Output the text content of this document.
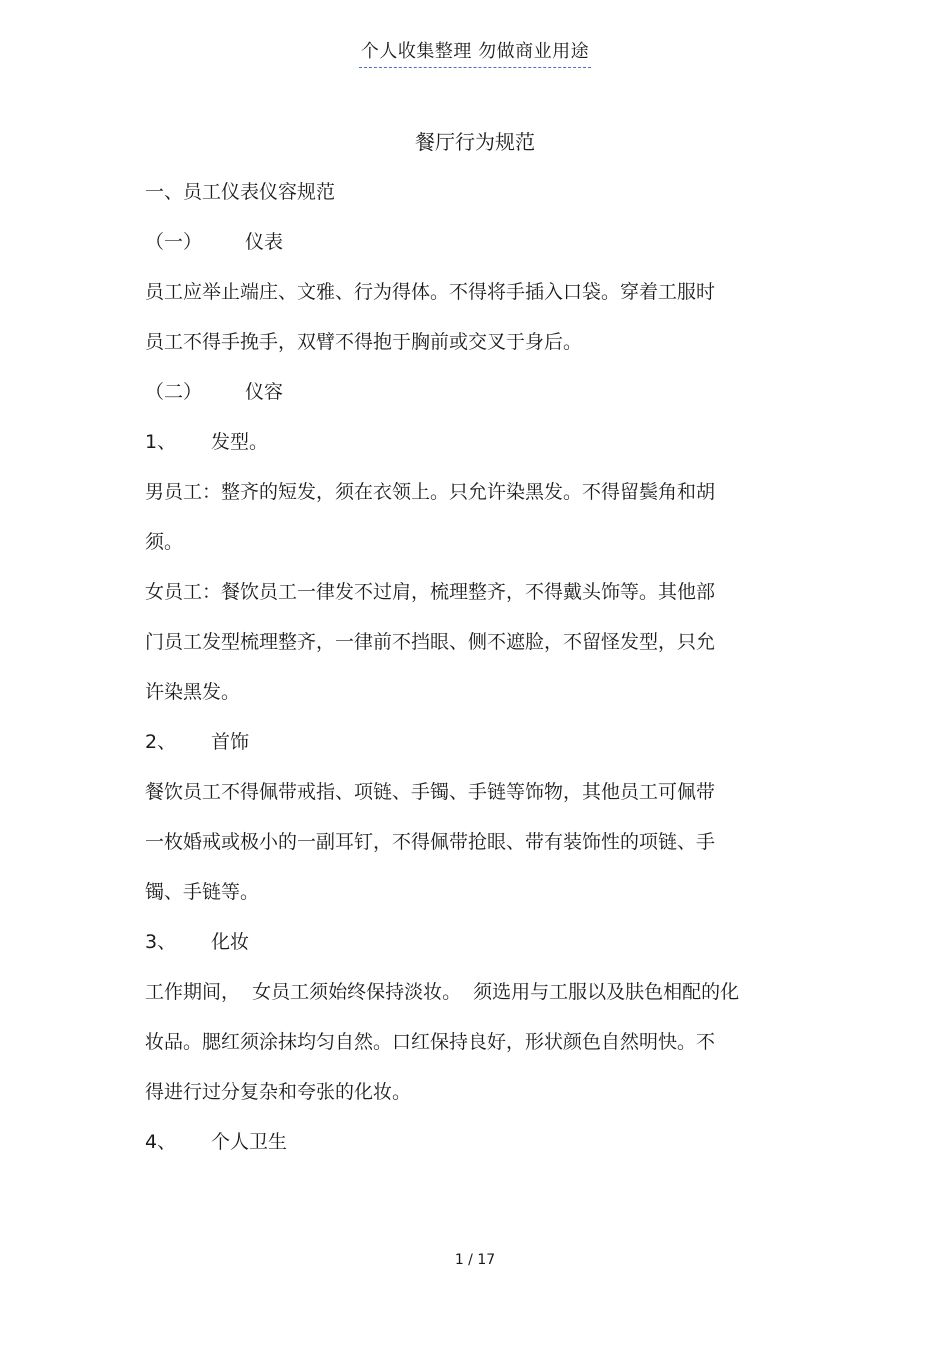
个人收集整理 勿做商业用途
餐厅行为规范
一、员工仪表仪容规范
（一） 仪表
员工应举止端庄、文雅、行为得体。不得将手插入口袋。穿着工服时
员工不得手挽手，双臂不得抱于胸前或交叉于身后。
（二） 仪容
1、 发型。
男员工：整齐的短发，须在衣领上。只允许染黑发。不得留鬓角和胡
须。
女员工：餐饮员工一律发不过肩，梳理整齐，不得戴头饰等。其他部
门员工发型梳理整齐，一律前不挡眼、侧不遮脸，不留怪发型，只允
许染黑发。
2、 首饰
餐饮员工不得佩带戒指、项链、手镯、手链等饰物，其他员工可佩带
一枚婚戒或极小的一副耳钉，不得佩带抢眼、带有装饰性的项链、手
镯、手链等。
3、 化妆
工作期间，  女员工须始终保持淡妆。  须选用与工服以及肤色相配的化
妆品。腮红须涂抹均匀自然。口红保持良好，形状颜色自然明快。不
得进行过分复杂和夸张的化妆。
4、 个人卫生
1 / 17
